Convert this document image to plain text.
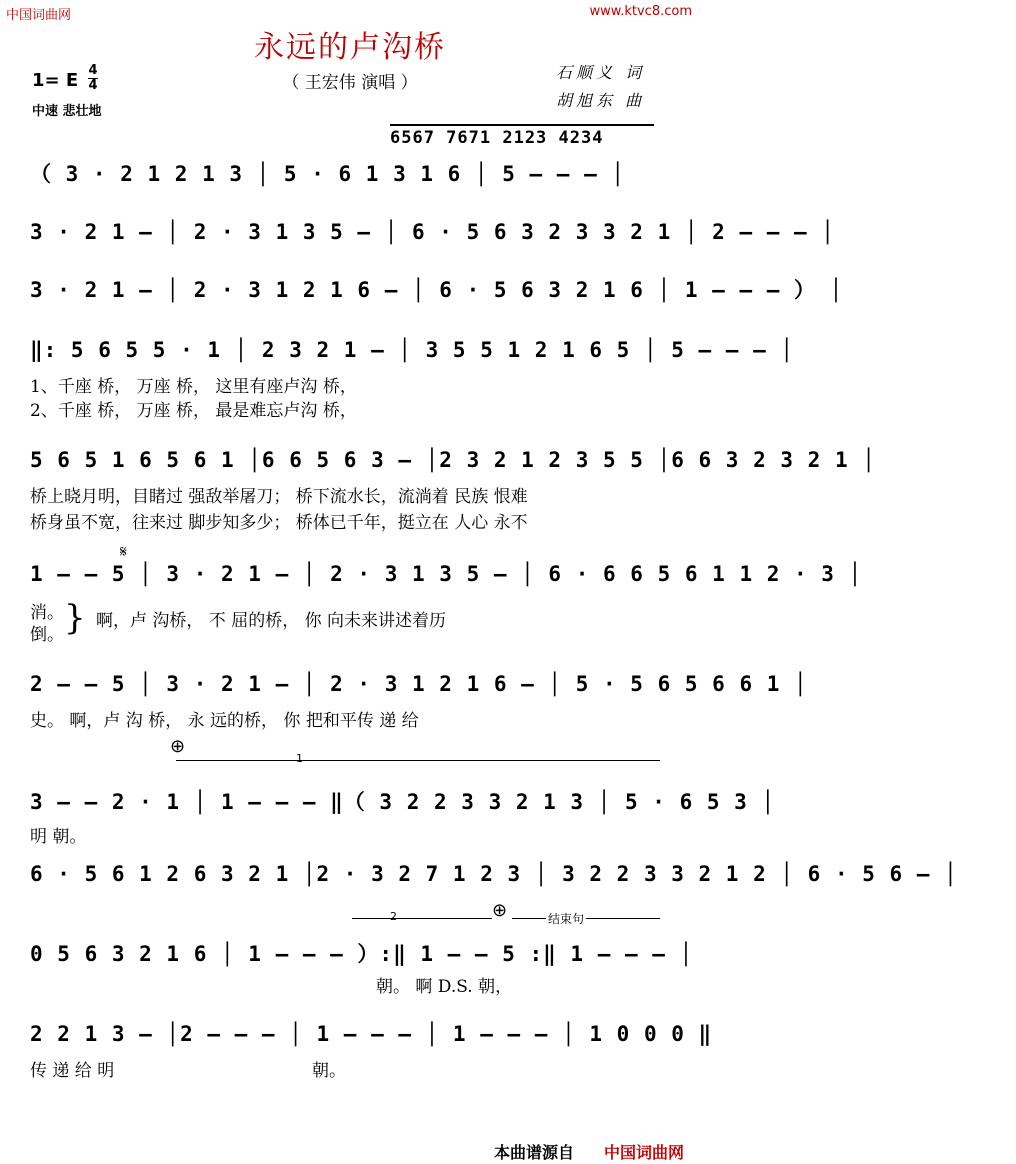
中国词曲网	www.ktvc8.com
永远的卢沟桥
（ 王宏伟 演唱 ）
石顺义 词
胡旭东 曲
1= E 4
4
中速 悲壮地
6567 7671 2123 4234
（ 3 · 2 1 2 1 3 │ 5 · 6 1 3 1 6 │ 5 – – – │
3 · 2 1 – │ 2 · 3 1 3 5 – │ 6 · 5 6 3 2 3 3 2 1 │ 2 – – – │
3 · 2 1 – │ 2 · 3 1 2 1 6 – │ 6 · 5 6 3 2 1 6 │ 1 – – – ） │
‖: 5 6 5 5 · 1 │ 2 3 2 1 – │ 3 5 5 1 2 1 6 5 │ 5 – – – │
1、千座 桥， 万座 桥， 这里有座卢沟 桥，
2、千座 桥， 万座 桥， 最是难忘卢沟 桥，
5 6 5 1 6 5 6 1 │6 6 5 6 3 – │2 3 2 1 2 3 5 5 │6 6 3 2 3 2 1 │
桥上晓月明，目睹过 强敌举屠刀； 桥下流水长，流淌着 民族 恨难
桥身虽不宽，往来过 脚步知多少； 桥体已千年，挺立在 人心 永不
𝄋
1 – – 5 │ 3 · 2 1 – │ 2 · 3 1 3 5 – │ 6 · 6 6 5 6 1 1 2 · 3 │
消。
倒。 } 啊，卢 沟桥， 不 屈的桥， 你 向未来讲述着历
2 – – 5 │ 3 · 2 1 – │ 2 · 3 1 2 1 6 – │ 5 · 5 6 5 6 6 1 │
史。 啊，卢 沟 桥， 永 远的桥， 你 把和平传 递 给
⊕
1
3 – – 2 · 1 │ 1 – – – ‖（ 3 2 2 3 3 2 1 3 │ 5 · 6 5 3 │
明 朝。
6 · 5 6 1 2 6 3 2 1 │2 · 3 2 7 1 2 3 │ 3 2 2 3 3 2 1 2 │ 6 · 5 6 – │
2	⊕	结束句
0 5 6 3 2 1 6 │ 1 – – – ）:‖ 1 – – 5 :‖ 1 – – – │
朝。 啊 D.S. 朝，
2 2 1 3 – │2 – – – │ 1 – – – │ 1 – – – │ 1 0 0 0 ‖
传 递 给 明	朝。
本曲谱源自 中国词曲网
